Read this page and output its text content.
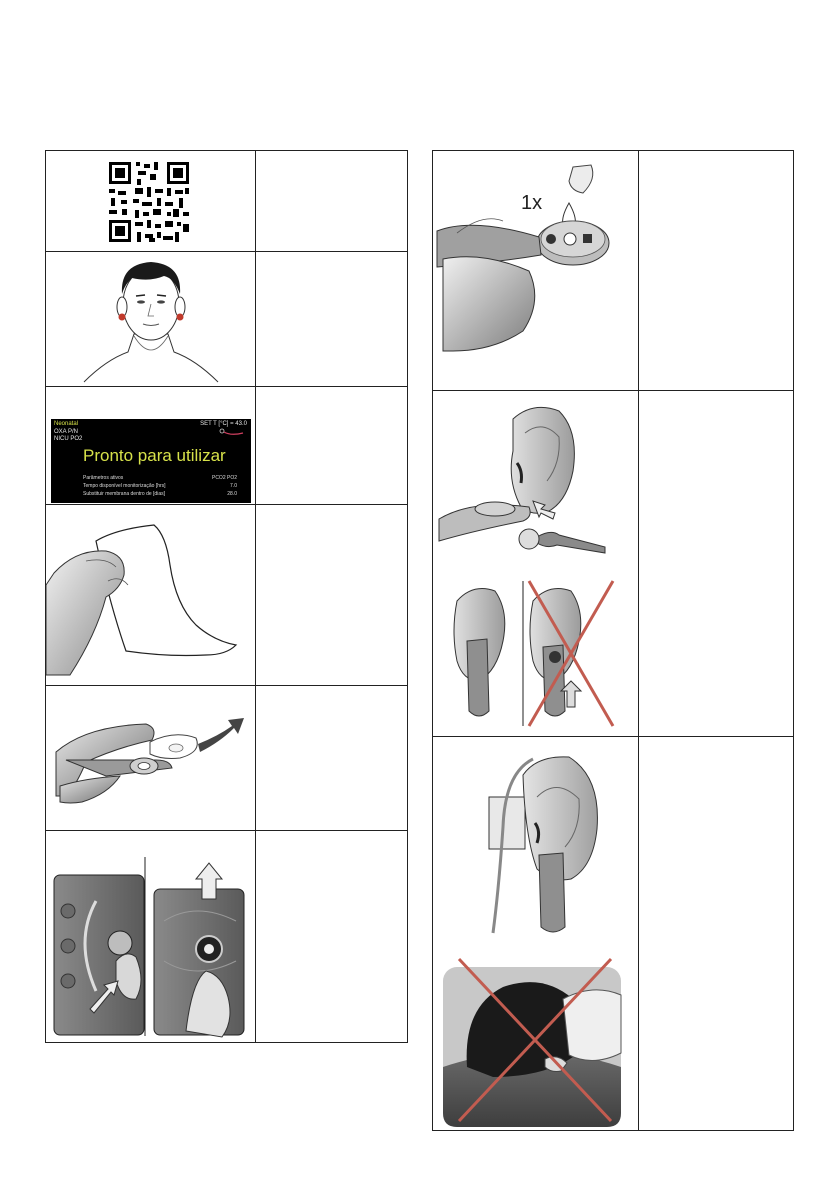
Neonatal
OXA P/N
NICU PO2
SET T [°C] = 43.0
Pronto para utilizar
Parâmetros ativos	PCO2 PO2
Tempo disponível monitorização [hrs]	7.0
Substituir membrana dentro de [dias]	28.0
1x
